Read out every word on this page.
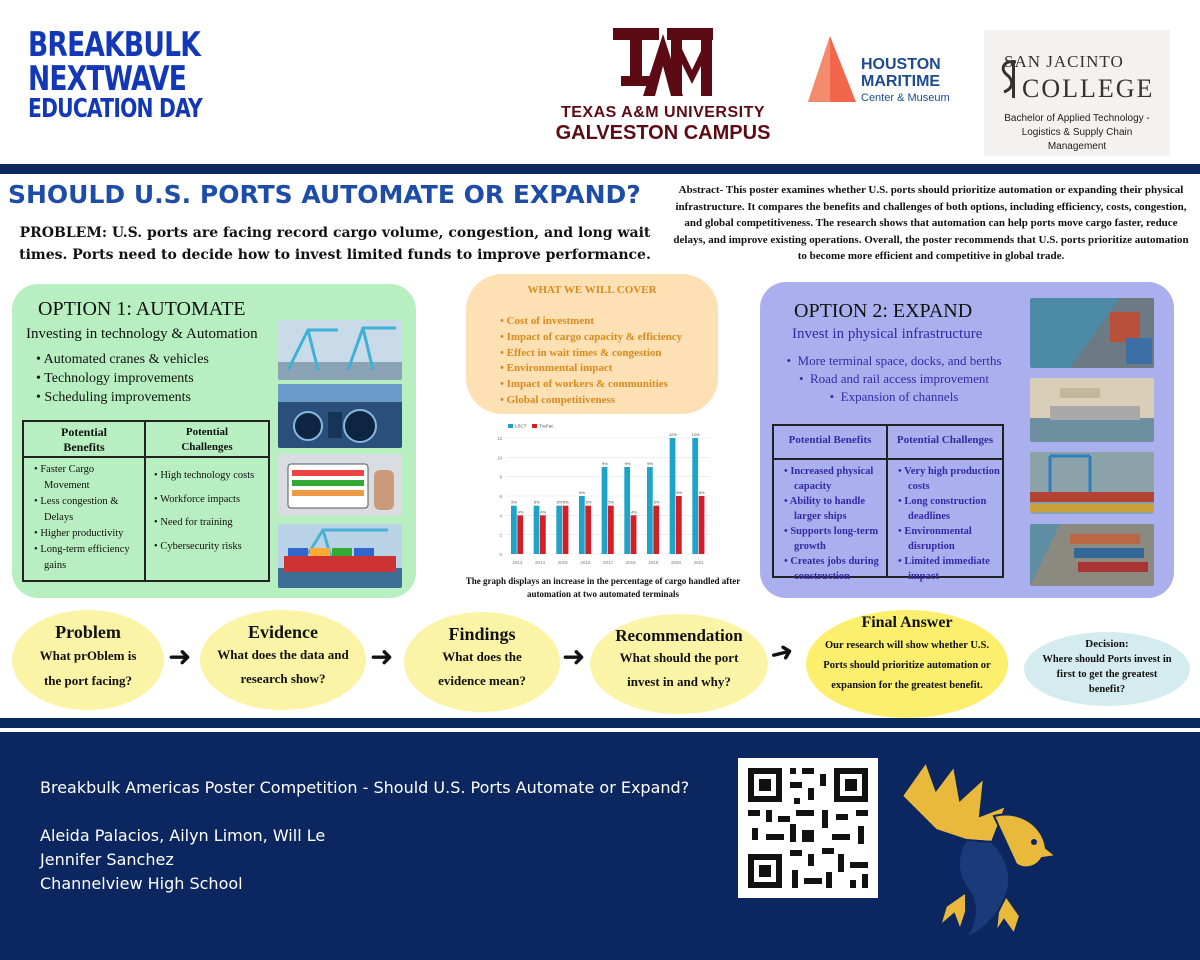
BREAKBULK
NEXTWAVE
EDUCATION DAY	TEXAS A&M UNIVERSITY
GALVESTON CAMPUS
HOUSTON
MARITIME
Center & Museum
SAN JACINTO
COLLEGE
Bachelor of Applied Technology -
Logistics & Supply Chain
Management
SHOULD U.S. PORTS AUTOMATE OR EXPAND?
PROBLEM: U.S. ports are facing record cargo volume, congestion, and long wait times. Ports need to decide how to invest limited funds to improve performance.
Abstract- This poster examines whether U.S. ports should prioritize automation or expanding their physical infrastructure. It compares the benefits and challenges of both options, including efficiency, costs, congestion, and global competitiveness. The research shows that automation can help ports move cargo faster, reduce delays, and improve existing operations. Overall, the poster recommends that U.S. ports prioritize automation to become more efficient and competitive in global trade.
OPTION 1: AUTOMATE
Investing in technology & Automation
• Automated cranes & vehicles
• Technology improvements
• Scheduling improvements
Potential
Benefits
Potential
Challenges
• Faster Cargo Movement
• Less congestion & Delays
• Higher productivity
• Long-term efficiency gains
• High technology costs
• Workforce impacts
• Need for training
• Cybersecurity risks
WHAT WE WILL COVER
• Cost of investment
• Impact of cargo capacity & efficiency
• Effect in wait times & congestion
• Environmental impact
• Impact of workers & communities
• Global competitiveness
0
2
4
6
8
10
12
LBCT	TraPac
5%
4%
2013
5%
4%
2014
5% 5%
2015
6%
5%
2016
9%
5%
2017
9%
4%
2018
9%
5%
2019
12%
6%
2020
12%
6%
2021
The graph displays an increase in the percentage of cargo handled after automation at two automated terminals
OPTION 2: EXPAND
Invest in physical infrastructure
•  More terminal space, docks, and berths
•  Road and rail access improvement
•  Expansion of channels
Potential Benefits	Potential Challenges
• Increased physical capacity
• Ability to handle larger ships
• Supports long-term growth
• Creates jobs during construction
• Very high production costs
• Long construction deadlines
• Environmental disruption
• Limited immediate impact
Problem
What prOblem is
the port facing?
➜
Evidence
What does the data and
research show?
➜
Findings
What does the
evidence mean?
➜
Recommendation
What should the port
invest in and why?
➜
Final Answer
Our research will show whether U.S. Ports should prioritize automation or expansion for the greatest benefit.
Decision:
Where should Ports invest in first to get the greatest benefit?
Breakbulk Americas Poster Competition - Should U.S. Ports Automate or Expand?
Aleida Palacios, Ailyn Limon, Will Le
Jennifer Sanchez
Channelview High School
